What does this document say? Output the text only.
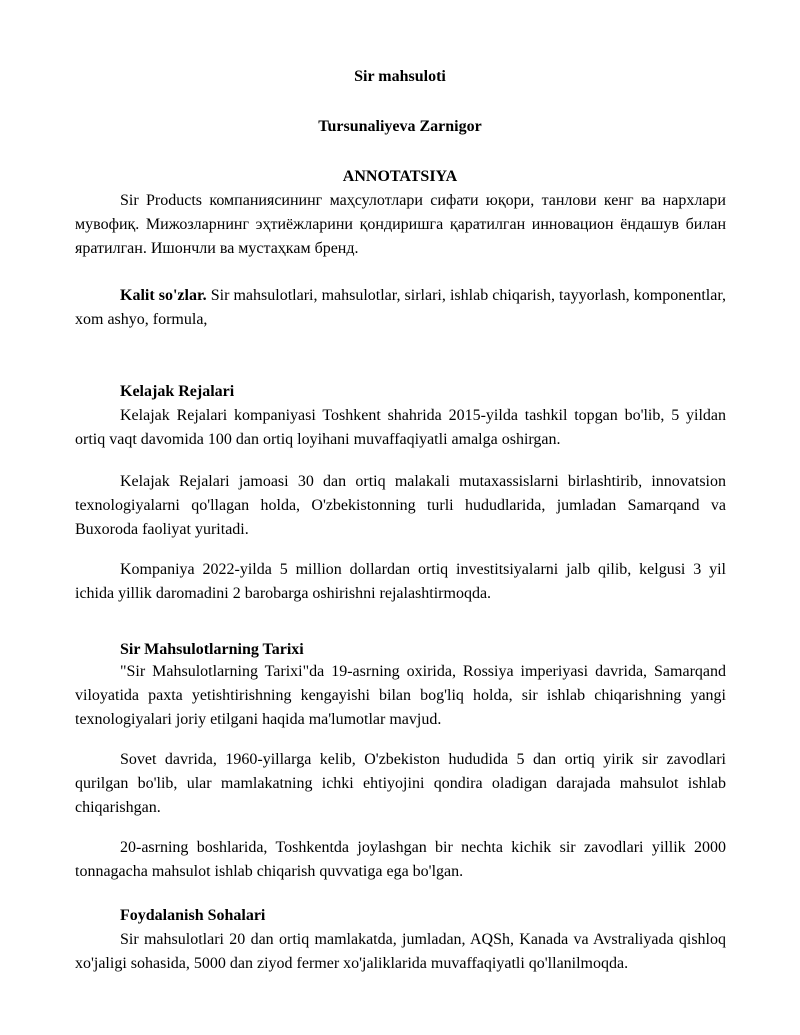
Sir mahsuloti

Tursunaliyeva Zarnigor

ANNOTATSIYA

Sir Products компаниясининг маҳсулотлари сифати юқори, танлови кенг ва нархлари мувофиқ. Мижозларнинг эҳтиёжларини қондиришга қаратилган инновацион ёндашув билан яратилган. Ишончли ва мустаҳкам бренд.

Kalit so'zlar. Sir mahsulotlari, mahsulotlar, sirlari, ishlab chiqarish, tayyorlash, komponentlar, xom ashyo, formula,

Kelajak Rejalari

Kelajak Rejalari kompaniyasi Toshkent shahrida 2015-yilda tashkil topgan bo'lib, 5 yildan ortiq vaqt davomida 100 dan ortiq loyihani muvaffaqiyatli amalga oshirgan.

Kelajak Rejalari jamoasi 30 dan ortiq malakali mutaxassislarni birlashtirib, innovatsion texnologiyalarni qo'llagan holda, O'zbekistonning turli hududlarida, jumladan Samarqand va Buxoroda faoliyat yuritadi.

Kompaniya 2022-yilda 5 million dollardan ortiq investitsiyalarni jalb qilib, kelgusi 3 yil ichida yillik daromadini 2 barobarga oshirishni rejalashtirmoqda.

Sir Mahsulotlarning Tarixi

"Sir Mahsulotlarning Tarixi"da 19-asrning oxirida, Rossiya imperiyasi davrida, Samarqand viloyatida paxta yetishtirishning kengayishi bilan bog'liq holda, sir ishlab chiqarishning yangi texnologiyalari joriy etilgani haqida ma'lumotlar mavjud.

Sovet davrida, 1960-yillarga kelib, O'zbekiston hududida 5 dan ortiq yirik sir zavodlari qurilgan bo'lib, ular mamlakatning ichki ehtiyojini qondira oladigan darajada mahsulot ishlab chiqarishgan.

20-asrning boshlarida, Toshkentda joylashgan bir nechta kichik sir zavodlari yillik 2000 tonnagacha mahsulot ishlab chiqarish quvvatiga ega bo'lgan.

Foydalanish Sohalari

Sir mahsulotlari 20 dan ortiq mamlakatda, jumladan, AQSh, Kanada va Avstraliyada qishloq xo'jaligi sohasida, 5000 dan ziyod fermer xo'jaliklarida muvaffaqiyatli qo'llanilmoqda.
